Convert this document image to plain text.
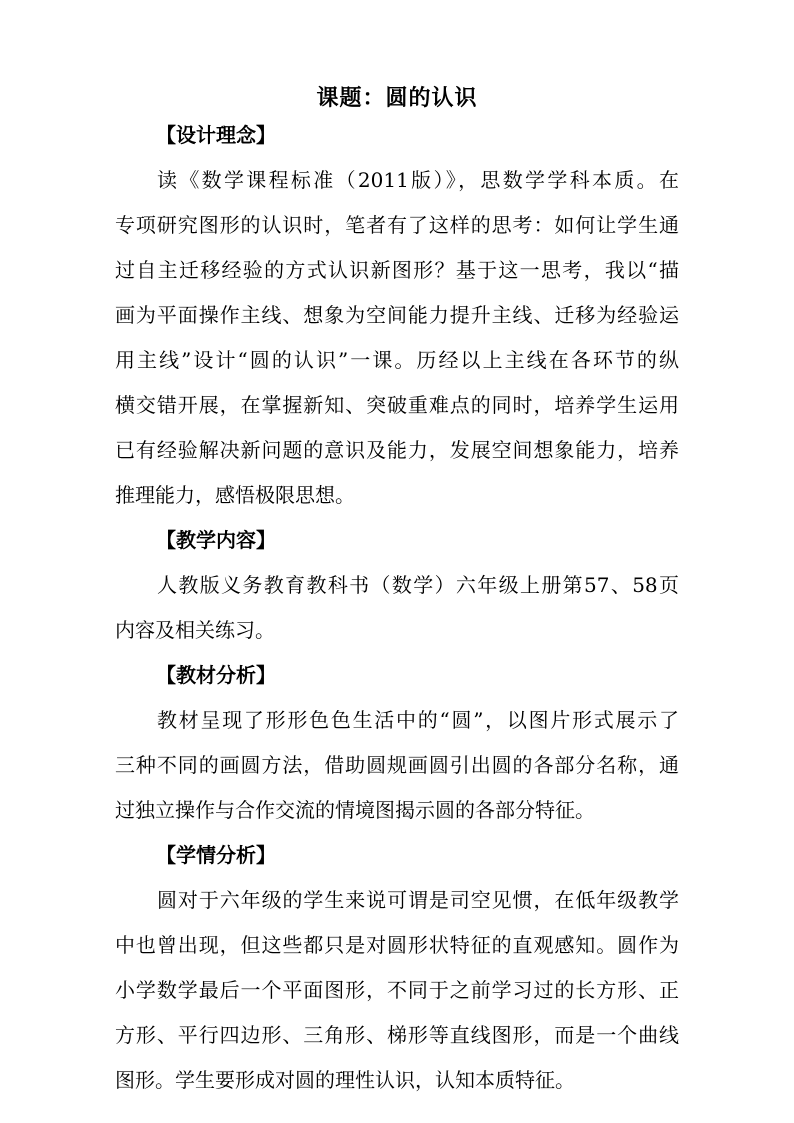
课题：圆的认识
【设计理念】
读《数学课程标准（2011版）》，思数学学科本质。在
专项研究图形的认识时，笔者有了这样的思考：如何让学生通
过自主迁移经验的方式认识新图形？基于这一思考，我以“描
画为平面操作主线、想象为空间能力提升主线、迁移为经验运
用主线”设计“圆的认识”一课。历经以上主线在各环节的纵
横交错开展，在掌握新知、突破重难点的同时，培养学生运用
已有经验解决新问题的意识及能力，发展空间想象能力，培养
推理能力，感悟极限思想。
【教学内容】
人教版义务教育教科书（数学）六年级上册第57、58页
内容及相关练习。
【教材分析】
教材呈现了形形色色生活中的“圆”，以图片形式展示了
三种不同的画圆方法，借助圆规画圆引出圆的各部分名称，通
过独立操作与合作交流的情境图揭示圆的各部分特征。
【学情分析】
圆对于六年级的学生来说可谓是司空见惯，在低年级教学
中也曾出现，但这些都只是对圆形状特征的直观感知。圆作为
小学数学最后一个平面图形，不同于之前学习过的长方形、正
方形、平行四边形、三角形、梯形等直线图形，而是一个曲线
图形。学生要形成对圆的理性认识，认知本质特征。
